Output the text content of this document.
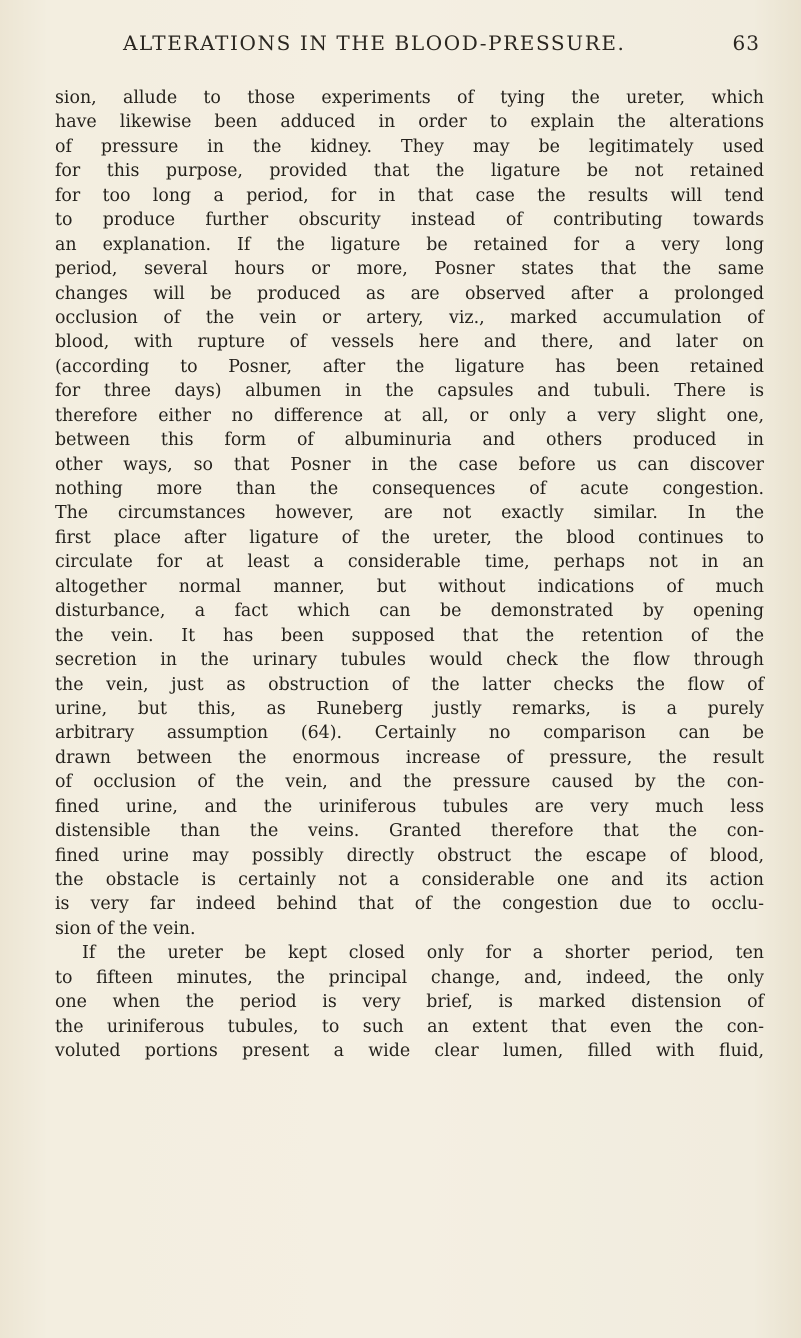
ALTERATIONS IN THE BLOOD-PRESSURE.	63
sion, allude to those experiments of tying the ureter, which
have likewise been adduced in order to explain the alterations
of pressure in the kidney. They may be legitimately used
for this purpose, provided that the ligature be not retained
for too long a period, for in that case the results will tend
to produce further obscurity instead of contributing towards
an explanation. If the ligature be retained for a very long
period, several hours or more, Posner states that the same
changes will be produced as are observed after a prolonged
occlusion of the vein or artery, viz., marked accumulation of
blood, with rupture of vessels here and there, and later on
(according to Posner, after the ligature has been retained
for three days) albumen in the capsules and tubuli. There is
therefore either no difference at all, or only a very slight one,
between this form of albuminuria and others produced in
other ways, so that Posner in the case before us can discover
nothing more than the consequences of acute congestion.
The circumstances however, are not exactly similar. In the
first place after ligature of the ureter, the blood continues to
circulate for at least a considerable time, perhaps not in an
altogether normal manner, but without indications of much
disturbance, a fact which can be demonstrated by opening
the vein. It has been supposed that the retention of the
secretion in the urinary tubules would check the flow through
the vein, just as obstruction of the latter checks the flow of
urine, but this, as Runeberg justly remarks, is a purely
arbitrary assumption (64). Certainly no comparison can be
drawn between the enormous increase of pressure, the result
of occlusion of the vein, and the pressure caused by the con-
fined urine, and the uriniferous tubules are very much less
distensible than the veins. Granted therefore that the con-
fined urine may possibly directly obstruct the escape of blood,
the obstacle is certainly not a considerable one and its action
is very far indeed behind that of the congestion due to occlu-
sion of the vein.
If the ureter be kept closed only for a shorter period, ten
to fifteen minutes, the principal change, and, indeed, the only
one when the period is very brief, is marked distension of
the uriniferous tubules, to such an extent that even the con-
voluted portions present a wide clear lumen, filled with fluid,
